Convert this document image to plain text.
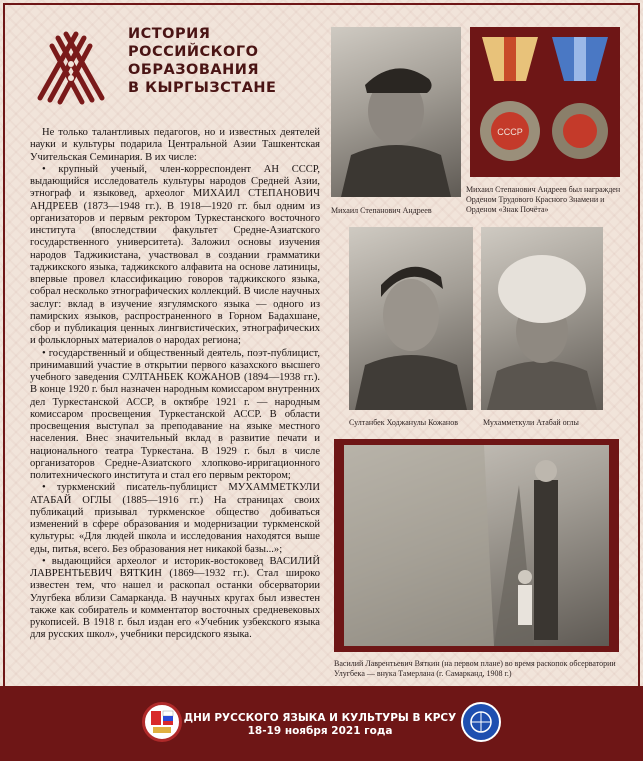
ИСТОРИЯ
РОССИЙСКОГО
ОБРАЗОВАНИЯ
В КЫРГЫЗСТАНЕ

Не только талантливых педагогов, но и известных деятелей науки и культуры подарила Центральной Азии Ташкентская Учительская Семинария. В их числе:

• крупный ученый, член-корреспондент АН СССР, выдающийся исследователь культуры народов Средней Азии, этнограф и языковед, археолог МИХАИЛ СТЕПАНОВИЧ АНДРЕЕВ (1873—1948 гг.). В 1918—1920 гг. был одним из организаторов и первым ректором Туркестанского восточного института (впоследствии факультет Средне-Азиатского государственного университета). Заложил основы изучения народов Таджикистана, участвовал в создании грамматики таджикского языка, таджикского алфавита на основе латиницы, впервые провел классификацию говоров таджикского языка, собрал несколько этнографических коллекций. В числе научных заслуг: вклад в изучение язгулямского языка — одного из памирских языков, распространенного в Горном Бадахшане, сбор и публикация ценных лингвистических, этнографических и фольклорных материалов о народах региона;

• государственный и общественный деятель, поэт-публицист, принимавший участие в открытии первого казахского высшего учебного заведения СУЛТАНБЕК КОЖАНОВ (1894—1938 гг.). В конце 1920 г. был назначен народным комиссаром внутренних дел Туркестанской АССР, в октябре 1921 г. — народным комиссаром просвещения Туркестанской АССР. В области просвещения выступал за преподавание на языке местного населения. Внес значительный вклад в развитие печати и национального театра Туркестана. В 1929 г. был в числе организаторов Средне-Азиатского хлопково-ирригационного политехнического института и стал его первым ректором;

• туркменский писатель-публицист МУХАММЕТКУЛИ АТАБАЙ ОГЛЫ (1885—1916 гг.) На страницах своих публикаций призывал туркменское общество добиваться изменений в сфере образования и модернизации туркменской культуры: «Для людей школа и исследования находятся выше еды, питья, всего. Без образования нет никакой базы...»;

• выдающийся археолог и историк-востоковед ВАСИЛИЙ ЛАВРЕНТЬЕВИЧ ВЯТКИН (1869—1932 гг.). Стал широко известен тем, что нашел и раскопал останки обсерватории Улугбека вблизи Самарканда. В научных кругах был известен также как собиратель и комментатор восточных средневековых рукописей. В 1918 г. был издан его «Учебник узбекского языка для русских школ», учебники персидского языка.

Михаил Степанович Андреев

СССР

Михаил Степанович Андреев был награжден Орденом Трудового Красного Знамени и Орденом «Знак Почёта»

Султанбек Ходжанулы Кожанов	Мухамметкули Атабай оглы

Василий Лаврентьевич Вяткин (на первом плане) во время раскопок обсерватории Улугбека — внука Тамерлана (г. Самарканд, 1908 г.)

ДНИ РУССКОГО ЯЗЫКА И КУЛЬТУРЫ В КРСУ
18-19 ноября 2021 года
